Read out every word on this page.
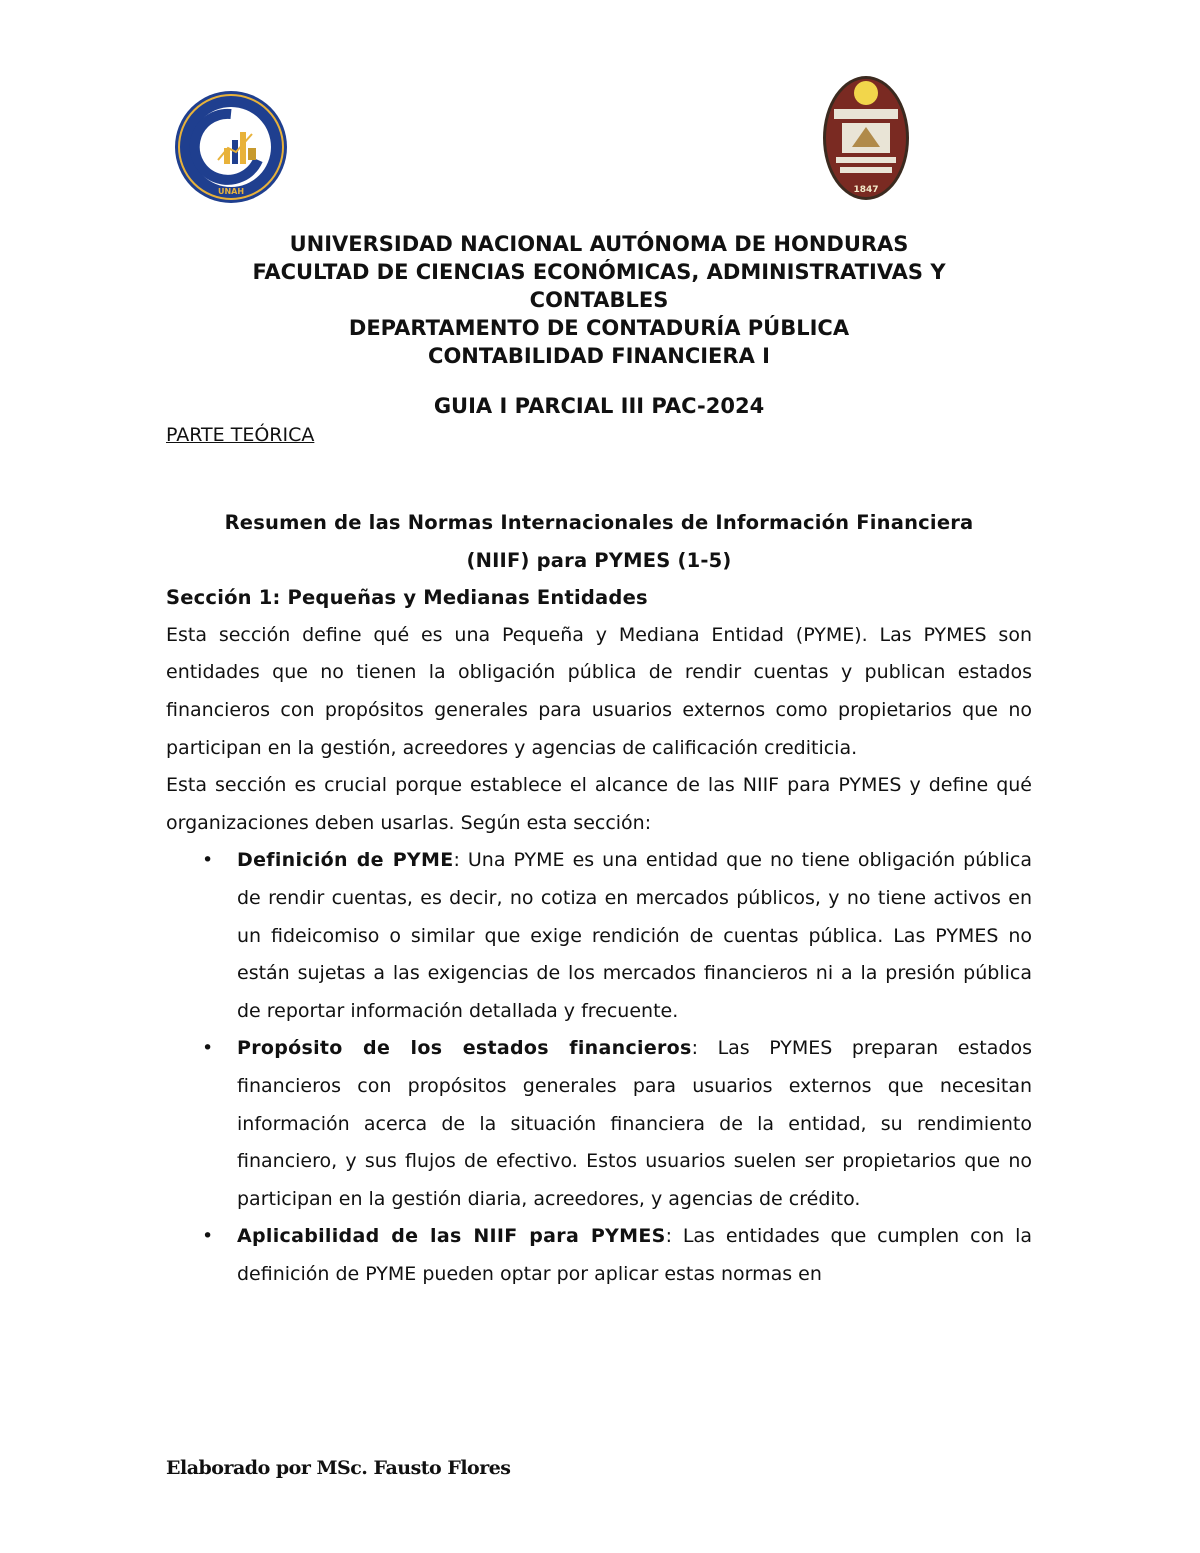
UNAH	1847
UNIVERSIDAD NACIONAL AUTÓNOMA DE HONDURAS
FACULTAD DE CIENCIAS ECONÓMICAS, ADMINISTRATIVAS Y
CONTABLES
DEPARTAMENTO DE CONTADURÍA PÚBLICA
CONTABILIDAD FINANCIERA I
GUIA I PARCIAL III PAC-2024
PARTE TEÓRICA
Resumen de las Normas Internacionales de Información Financiera
(NIIF) para PYMES (1-5)
Sección 1: Pequeñas y Medianas Entidades
Esta sección define qué es una Pequeña y Mediana Entidad (PYME). Las PYMES son entidades que no tienen la obligación pública de rendir cuentas y publican estados financieros con propósitos generales para usuarios externos como propietarios que no participan en la gestión, acreedores y agencias de calificación crediticia.
Esta sección es crucial porque establece el alcance de las NIIF para PYMES y define qué organizaciones deben usarlas. Según esta sección:
• Definición de PYME: Una PYME es una entidad que no tiene obligación pública de rendir cuentas, es decir, no cotiza en mercados públicos, y no tiene activos en un fideicomiso o similar que exige rendición de cuentas pública. Las PYMES no están sujetas a las exigencias de los mercados financieros ni a la presión pública de reportar información detallada y frecuente.
• Propósito de los estados financieros: Las PYMES preparan estados financieros con propósitos generales para usuarios externos que necesitan información acerca de la situación financiera de la entidad, su rendimiento financiero, y sus flujos de efectivo. Estos usuarios suelen ser propietarios que no participan en la gestión diaria, acreedores, y agencias de crédito.
• Aplicabilidad de las NIIF para PYMES: Las entidades que cumplen con la definición de PYME pueden optar por aplicar estas normas en
Elaborado por MSc. Fausto Flores
